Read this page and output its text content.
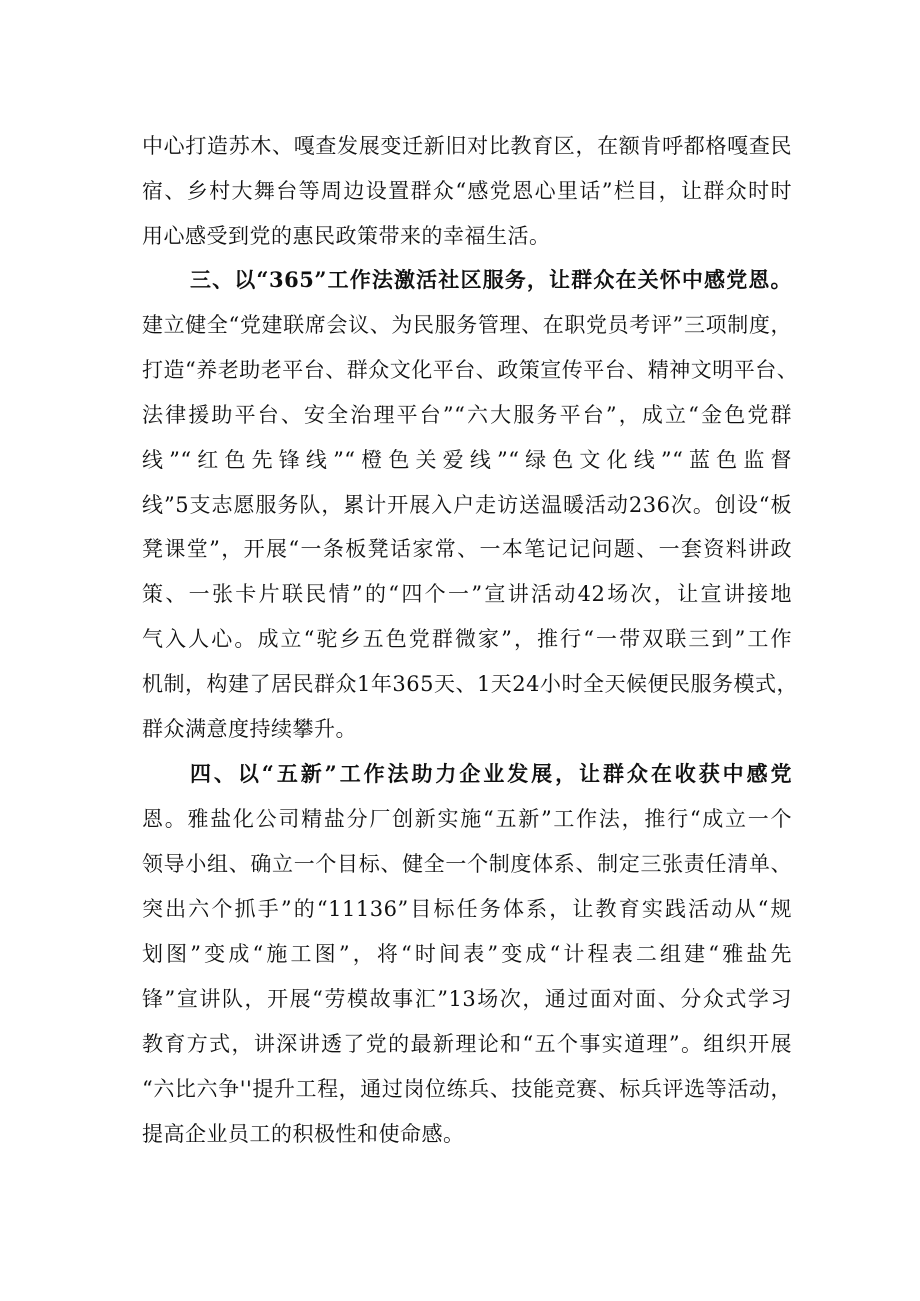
中心打造苏木、嘎查发展变迁新旧对比教育区，在额肯呼都格嘎查民
宿、乡村大舞台等周边设置群众“感党恩心里话”栏目，让群众时时
用心感受到党的惠民政策带来的幸福生活。
三、以“365”工作法激活社区服务，让群众在关怀中感党恩。
建立健全“党建联席会议、为民服务管理、在职党员考评”三项制度，
打造“养老助老平台、群众文化平台、政策宣传平台、精神文明平台、
法律援助平台、安全治理平台”“六大服务平台”，成立“金色党群
线”“红色先锋线”“橙色关爱线”“绿色文化线”“蓝色监督
线”5支志愿服务队，累计开展入户走访送温暖活动236次。创设“板
凳课堂”，开展“一条板凳话家常、一本笔记记问题、一套资料讲政
策、一张卡片联民情”的“四个一”宣讲活动42场次，让宣讲接地
气入人心。成立“驼乡五色党群微家”，推行“一带双联三到”工作
机制，构建了居民群众1年365天、1天24小时全天候便民服务模式，
群众满意度持续攀升。
四、以“五新”工作法助力企业发展，让群众在收获中感党
恩。雅盐化公司精盐分厂创新实施“五新”工作法，推行“成立一个
领导小组、确立一个目标、健全一个制度体系、制定三张责任清单、
突出六个抓手”的“11136”目标任务体系，让教育实践活动从“规
划图”变成“施工图”，将“时间表”变成“计程表二组建“雅盐先
锋”宣讲队，开展“劳模故事汇”13场次，通过面对面、分众式学习
教育方式，讲深讲透了党的最新理论和“五个事实道理”。组织开展
“六比六争''提升工程，通过岗位练兵、技能竞赛、标兵评选等活动，
提高企业员工的积极性和使命感。
